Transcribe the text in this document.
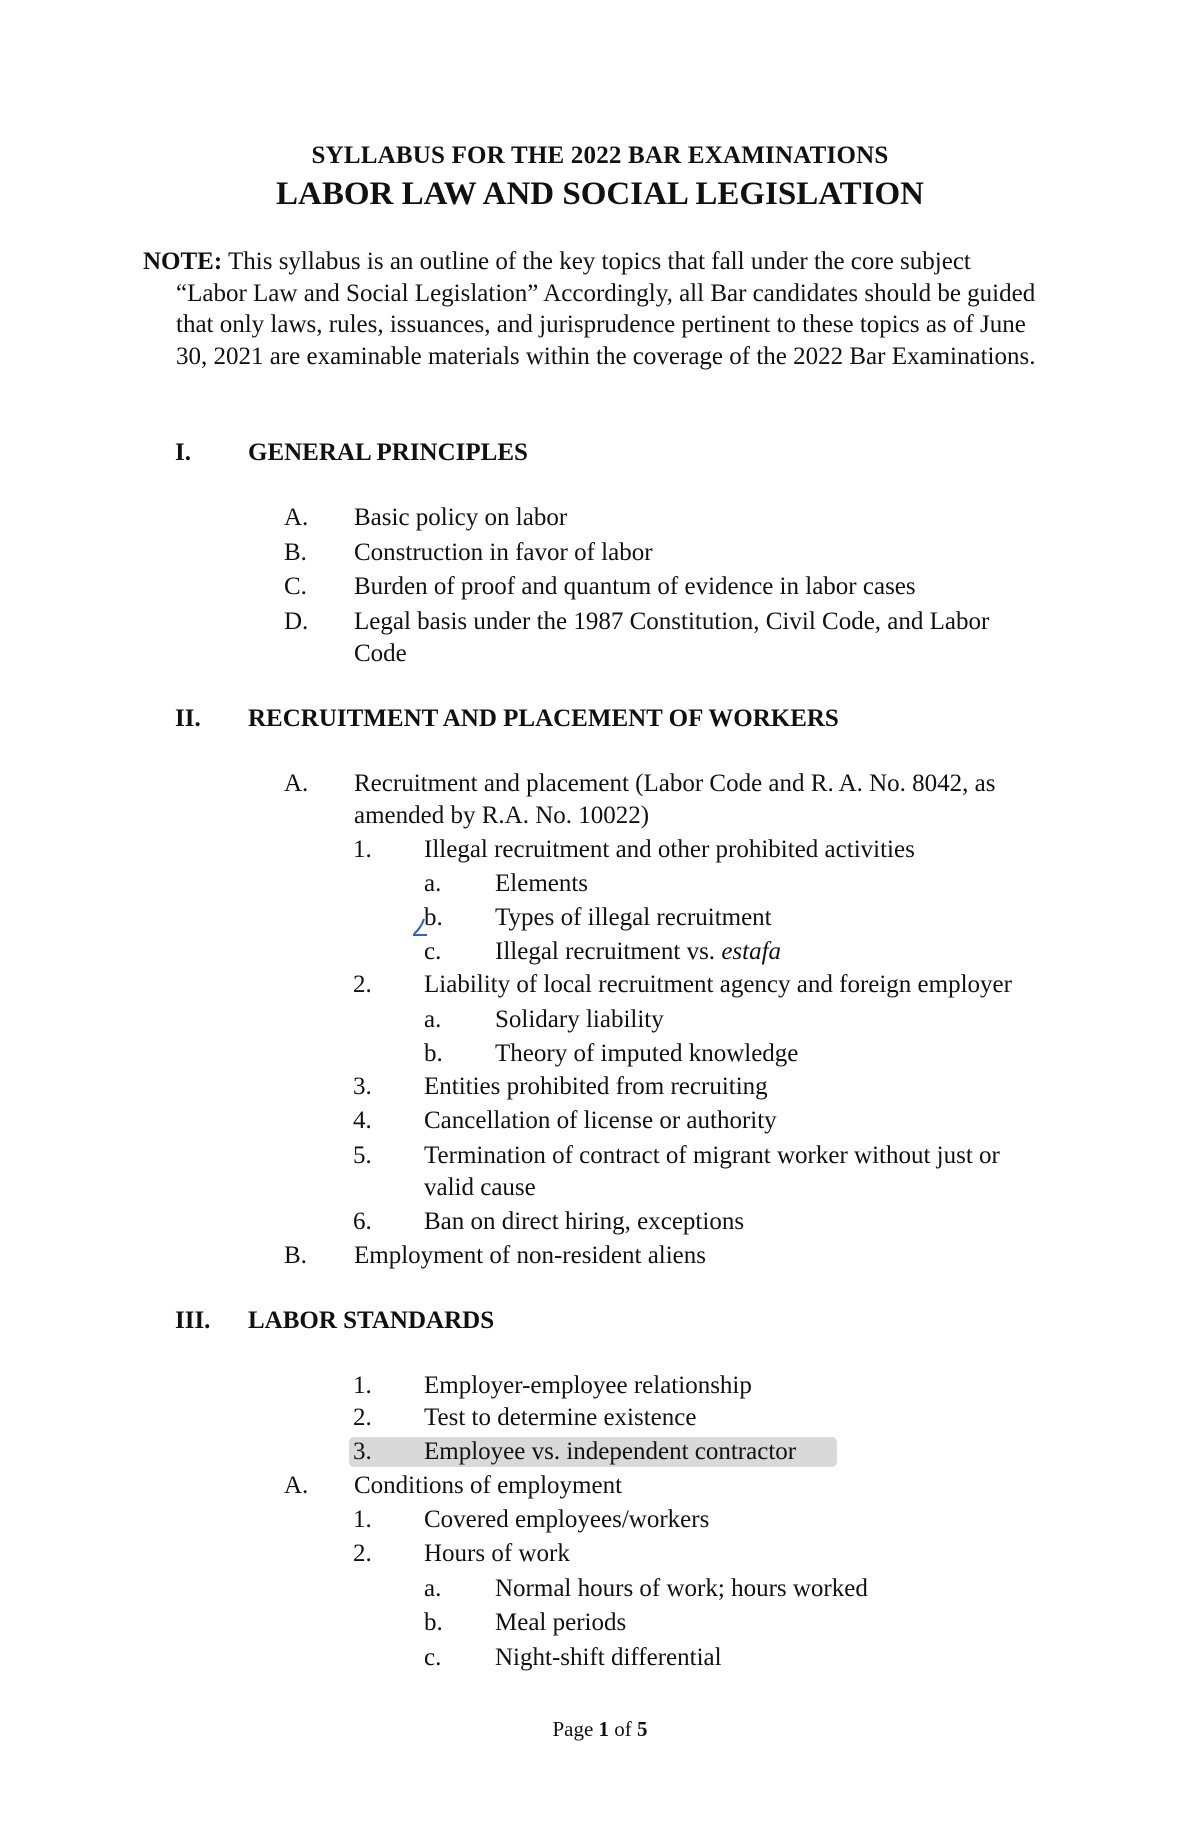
SYLLABUS FOR THE 2022 BAR EXAMINATIONS
LABOR LAW AND SOCIAL LEGISLATION
NOTE: This syllabus is an outline of the key topics that fall under the core subject
“Labor Law and Social Legislation” Accordingly, all Bar candidates should be guided that only laws, rules, issuances, and jurisprudence pertinent to these topics as of June 30, 2021 are examinable materials within the coverage of the 2022 Bar Examinations.
I. GENERAL PRINCIPLES
A. Basic policy on labor
B. Construction in favor of labor
C. Burden of proof and quantum of evidence in labor cases
D. Legal basis under the 1987 Constitution, Civil Code, and Labor
Code
II. RECRUITMENT AND PLACEMENT OF WORKERS
A. Recruitment and placement (Labor Code and R. A. No. 8042, as
amended by R.A. No. 10022)
1. Illegal recruitment and other prohibited activities
a. Elements
b. Types of illegal recruitment
c. Illegal recruitment vs. estafa
2. Liability of local recruitment agency and foreign employer
a. Solidary liability
b. Theory of imputed knowledge
3. Entities prohibited from recruiting
4. Cancellation of license or authority
5. Termination of contract of migrant worker without just or
valid cause
6. Ban on direct hiring, exceptions
B. Employment of non-resident aliens
III. LABOR STANDARDS
1. Employer-employee relationship
2. Test to determine existence
3. Employee vs. independent contractor
A. Conditions of employment
1. Covered employees/workers
2. Hours of work
a. Normal hours of work; hours worked
b. Meal periods
c. Night-shift differential
Page 1 of 5
